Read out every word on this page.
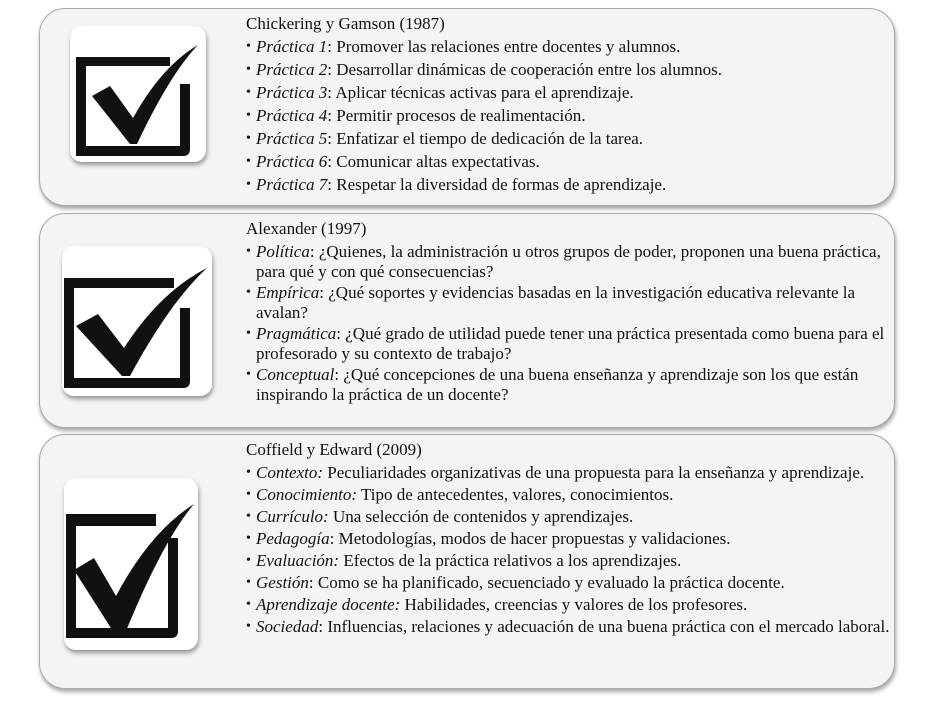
Chickering y Gamson (1987)
• Práctica 1: Promover las relaciones entre docentes y alumnos.
• Práctica 2: Desarrollar dinámicas de cooperación entre los alumnos.
• Práctica 3: Aplicar técnicas activas para el aprendizaje.
• Práctica 4: Permitir procesos de realimentación.
• Práctica 5: Enfatizar el tiempo de dedicación de la tarea.
• Práctica 6: Comunicar altas expectativas.
• Práctica 7: Respetar la diversidad de formas de aprendizaje.
Alexander (1997)
• Política: ¿Quienes, la administración u otros grupos de poder, proponen una buena práctica, para qué y con qué consecuencias?
• Empírica: ¿Qué soportes y evidencias basadas en la investigación educativa relevante la avalan?
• Pragmática: ¿Qué grado de utilidad puede tener una práctica presentada como buena para el profesorado y su contexto de trabajo?
• Conceptual: ¿Qué concepciones de una buena enseñanza y aprendizaje son los que están inspirando la práctica de un docente?
Coffield y Edward (2009)
• Contexto: Peculiaridades organizativas de una propuesta para la enseñanza y aprendizaje.
• Conocimiento: Tipo de antecedentes, valores, conocimientos.
• Currículo: Una selección de contenidos y aprendizajes.
• Pedagogía: Metodologías, modos de hacer propuestas y validaciones.
• Evaluación: Efectos de la práctica relativos a los aprendizajes.
• Gestión: Como se ha planificado, secuenciado y evaluado la práctica docente.
• Aprendizaje docente: Habilidades, creencias y valores de los profesores.
• Sociedad: Influencias, relaciones y adecuación de una buena práctica con el mercado laboral.
